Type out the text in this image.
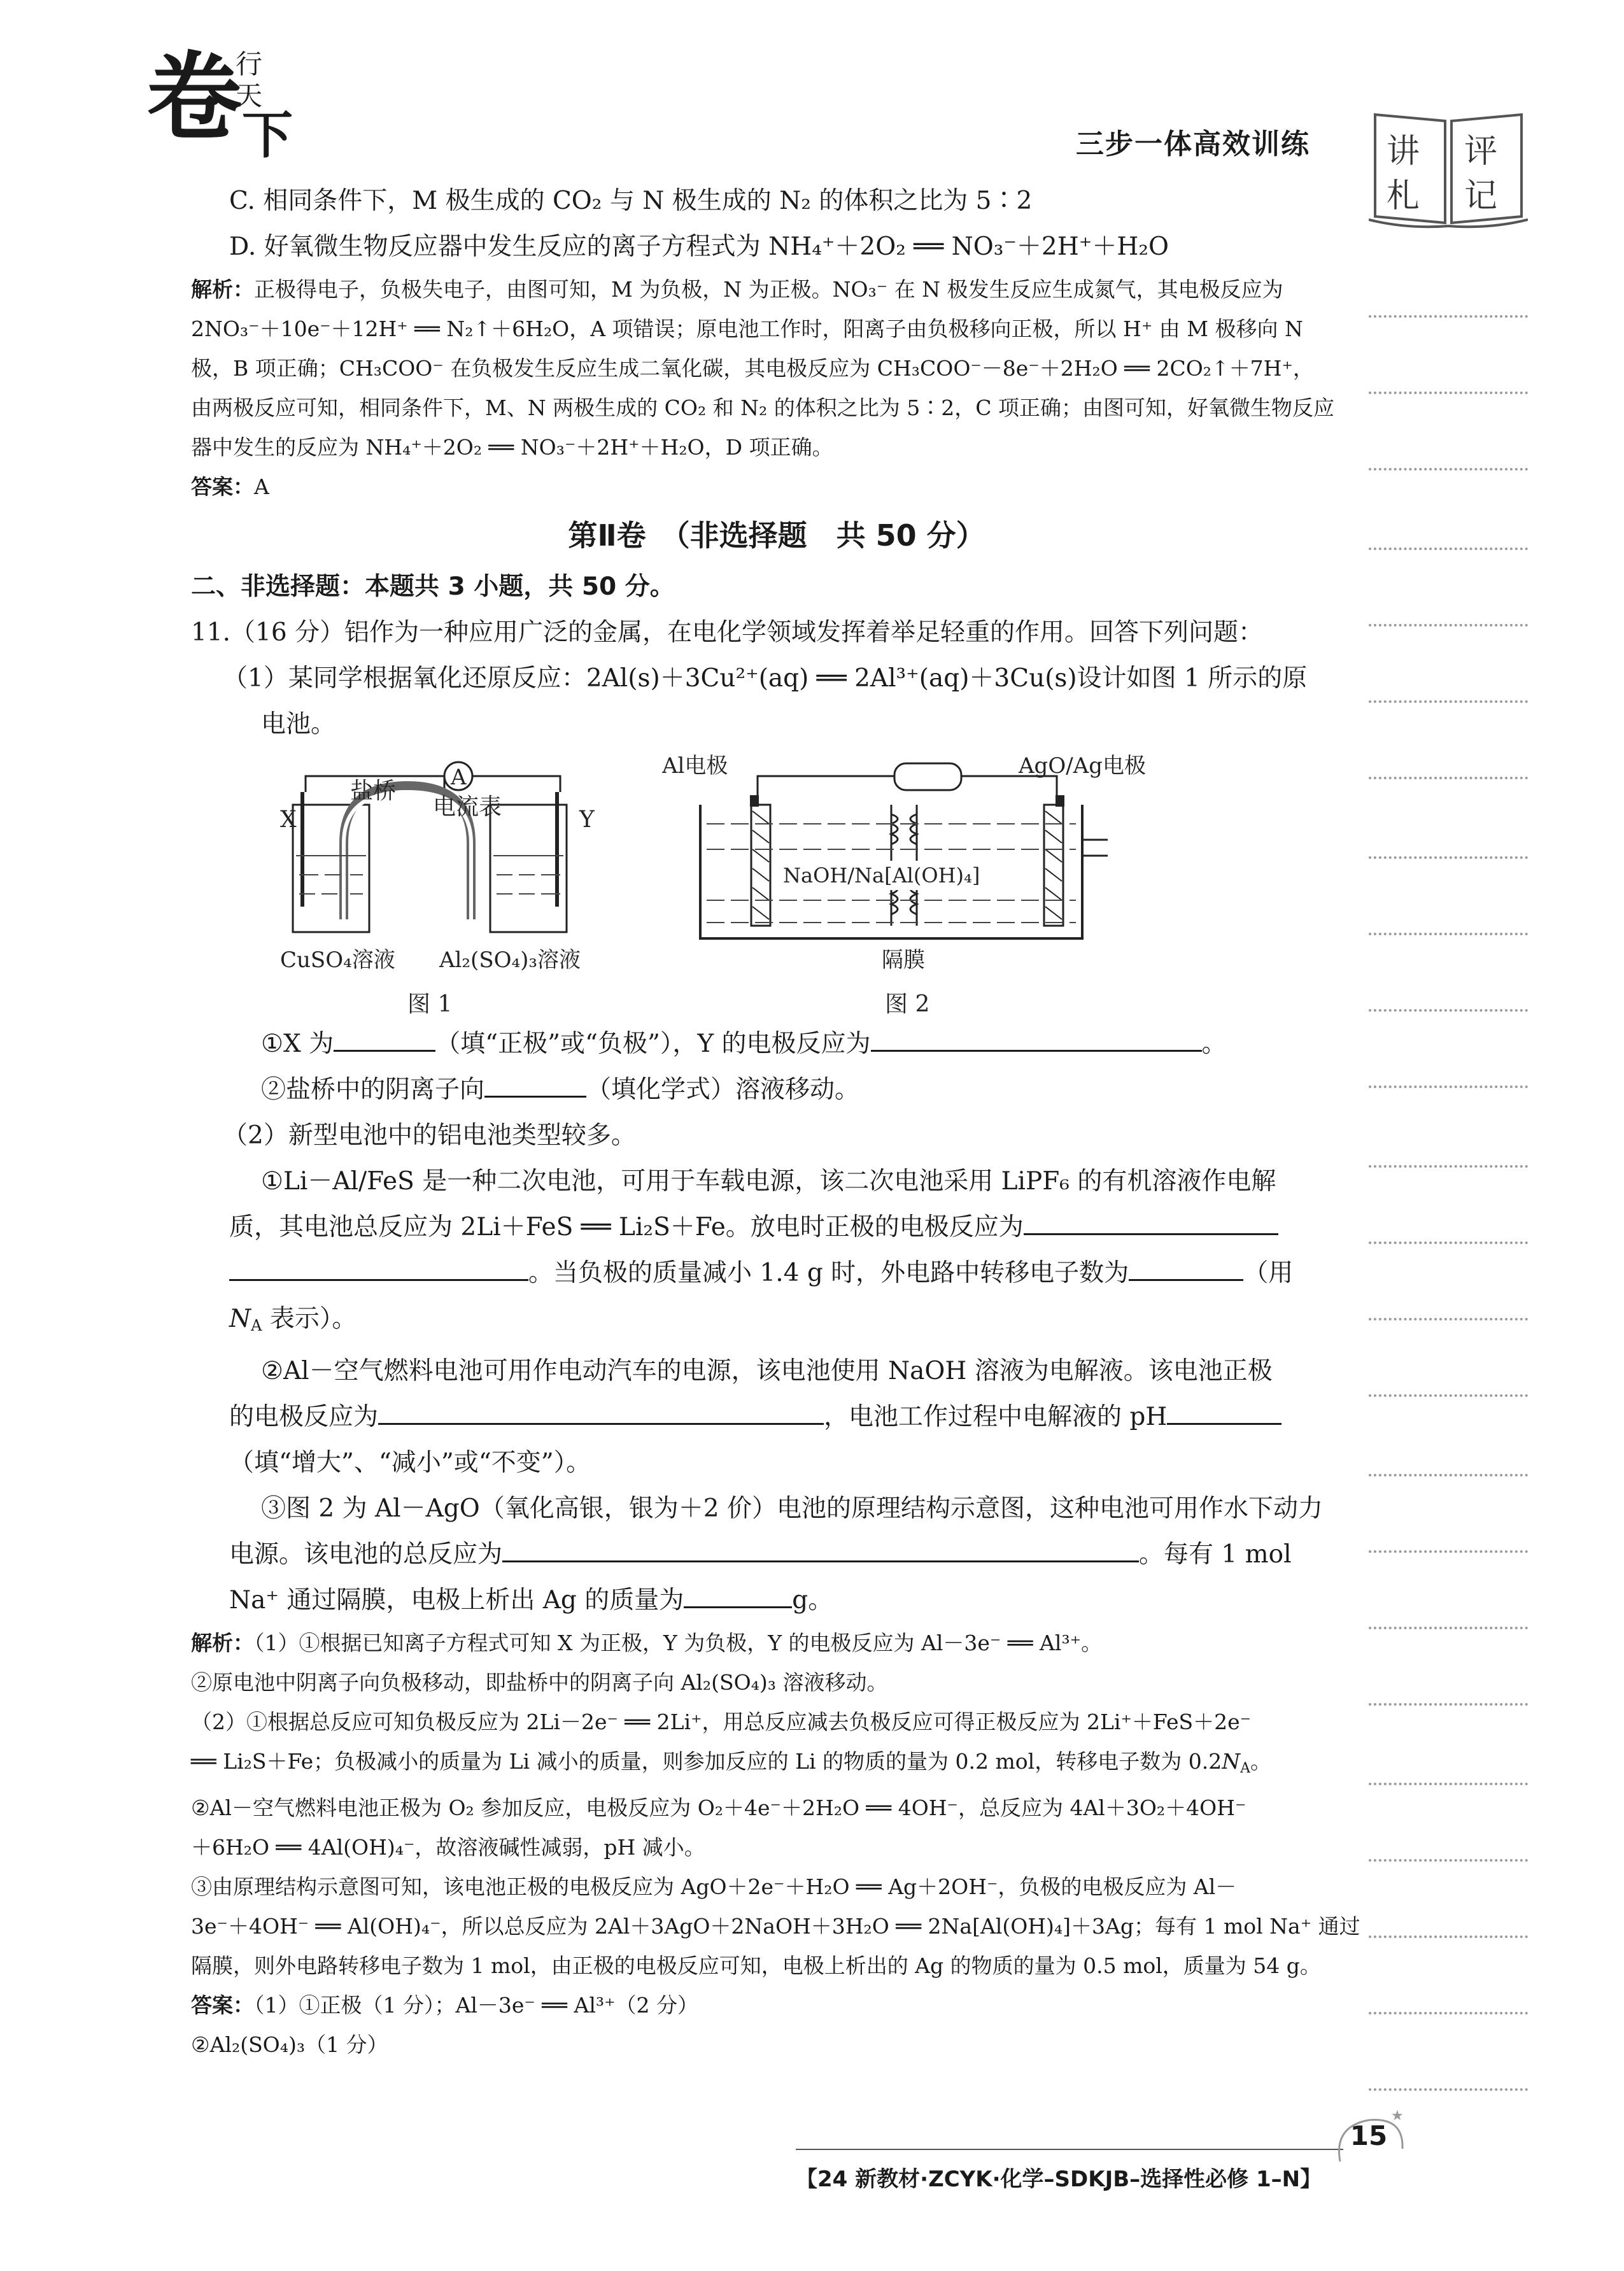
卷
行
天
下	三步一体高效训练 讲 评
札 记
C. 相同条件下，M 极生成的 CO₂ 与 N 极生成的 N₂ 的体积之比为 5∶2
D. 好氧微生物反应器中发生反应的离子方程式为 NH₄⁺＋2O₂ ══ NO₃⁻＋2H⁺＋H₂O
解析：正极得电子，负极失电子，由图可知，M 为负极，N 为正极。NO₃⁻ 在 N 极发生反应生成氮气，其电极反应为
2NO₃⁻＋10e⁻＋12H⁺ ══ N₂↑＋6H₂O，A 项错误；原电池工作时，阳离子由负极移向正极，所以 H⁺ 由 M 极移向 N
极，B 项正确；CH₃COO⁻ 在负极发生反应生成二氧化碳，其电极反应为 CH₃COO⁻－8e⁻＋2H₂O ══ 2CO₂↑＋7H⁺，
由两极反应可知，相同条件下，M、N 两极生成的 CO₂ 和 N₂ 的体积之比为 5∶2，C 项正确；由图可知，好氧微生物反应
器中发生的反应为 NH₄⁺＋2O₂ ══ NO₃⁻＋2H⁺＋H₂O，D 项正确。
答案：A
第Ⅱ卷　（非选择题　共 50 分）
二、非选择题：本题共 3 小题，共 50 分。
11.（16 分）铝作为一种应用广泛的金属，在电化学领域发挥着举足轻重的作用。回答下列问题：
（1）某同学根据氧化还原反应：2Al(s)＋3Cu²⁺(aq) ══ 2Al³⁺(aq)＋3Cu(s)设计如图 1 所示的原
电池。
A
盐桥
电流表
X	Y
CuSO₄溶液 Al₂(SO₄)₃溶液
图 1
Al电极	AgO/Ag电极
NaOH/Na[Al(OH)₄]
隔膜
图 2
①X 为	（填“正极”或“负极”），Y 的电极反应为	。
②盐桥中的阴离子向	（填化学式）溶液移动。
（2）新型电池中的铝电池类型较多。
①Li－Al/FeS 是一种二次电池，可用于车载电源，该二次电池采用 LiPF₆ 的有机溶液作电解
质，其电池总反应为 2Li＋FeS ══ Li₂S＋Fe。放电时正极的电极反应为
。当负极的质量减小 1.4 g 时，外电路中转移电子数为	（用
NA 表示）。
②Al－空气燃料电池可用作电动汽车的电源，该电池使用 NaOH 溶液为电解液。该电池正极
的电极反应为	，电池工作过程中电解液的 pH
（填“增大”、“减小”或“不变”）。
③图 2 为 Al－AgO（氧化高银，银为＋2 价）电池的原理结构示意图，这种电池可用作水下动力
电源。该电池的总反应为	。每有 1 mol
Na⁺ 通过隔膜，电极上析出 Ag 的质量为	g。
解析：（1）①根据已知离子方程式可知 X 为正极，Y 为负极，Y 的电极反应为 Al－3e⁻ ══ Al³⁺。
②原电池中阴离子向负极移动，即盐桥中的阴离子向 Al₂(SO₄)₃ 溶液移动。
（2）①根据总反应可知负极反应为 2Li－2e⁻ ══ 2Li⁺，用总反应减去负极反应可得正极反应为 2Li⁺＋FeS＋2e⁻
══ Li₂S＋Fe；负极减小的质量为 Li 减小的质量，则参加反应的 Li 的物质的量为 0.2 mol，转移电子数为 0.2NA。
②Al－空气燃料电池正极为 O₂ 参加反应，电极反应为 O₂＋4e⁻＋2H₂O ══ 4OH⁻，总反应为 4Al＋3O₂＋4OH⁻
＋6H₂O ══ 4Al(OH)₄⁻，故溶液碱性减弱，pH 减小。
③由原理结构示意图可知，该电池正极的电极反应为 AgO＋2e⁻＋H₂O ══ Ag＋2OH⁻，负极的电极反应为 Al－
3e⁻＋4OH⁻ ══ Al(OH)₄⁻，所以总反应为 2Al＋3AgO＋2NaOH＋3H₂O ══ 2Na[Al(OH)₄]＋3Ag；每有 1 mol Na⁺ 通过
隔膜，则外电路转移电子数为 1 mol，由正极的电极反应可知，电极上析出的 Ag 的物质的量为 0.5 mol，质量为 54 g。
答案：（1）①正极（1 分）；Al－3e⁻ ══ Al³⁺（2 分）
②Al₂(SO₄)₃（1 分）
【24 新教材·ZCYK·化学–SDKJB–选择性必修 1–N】
★
15
